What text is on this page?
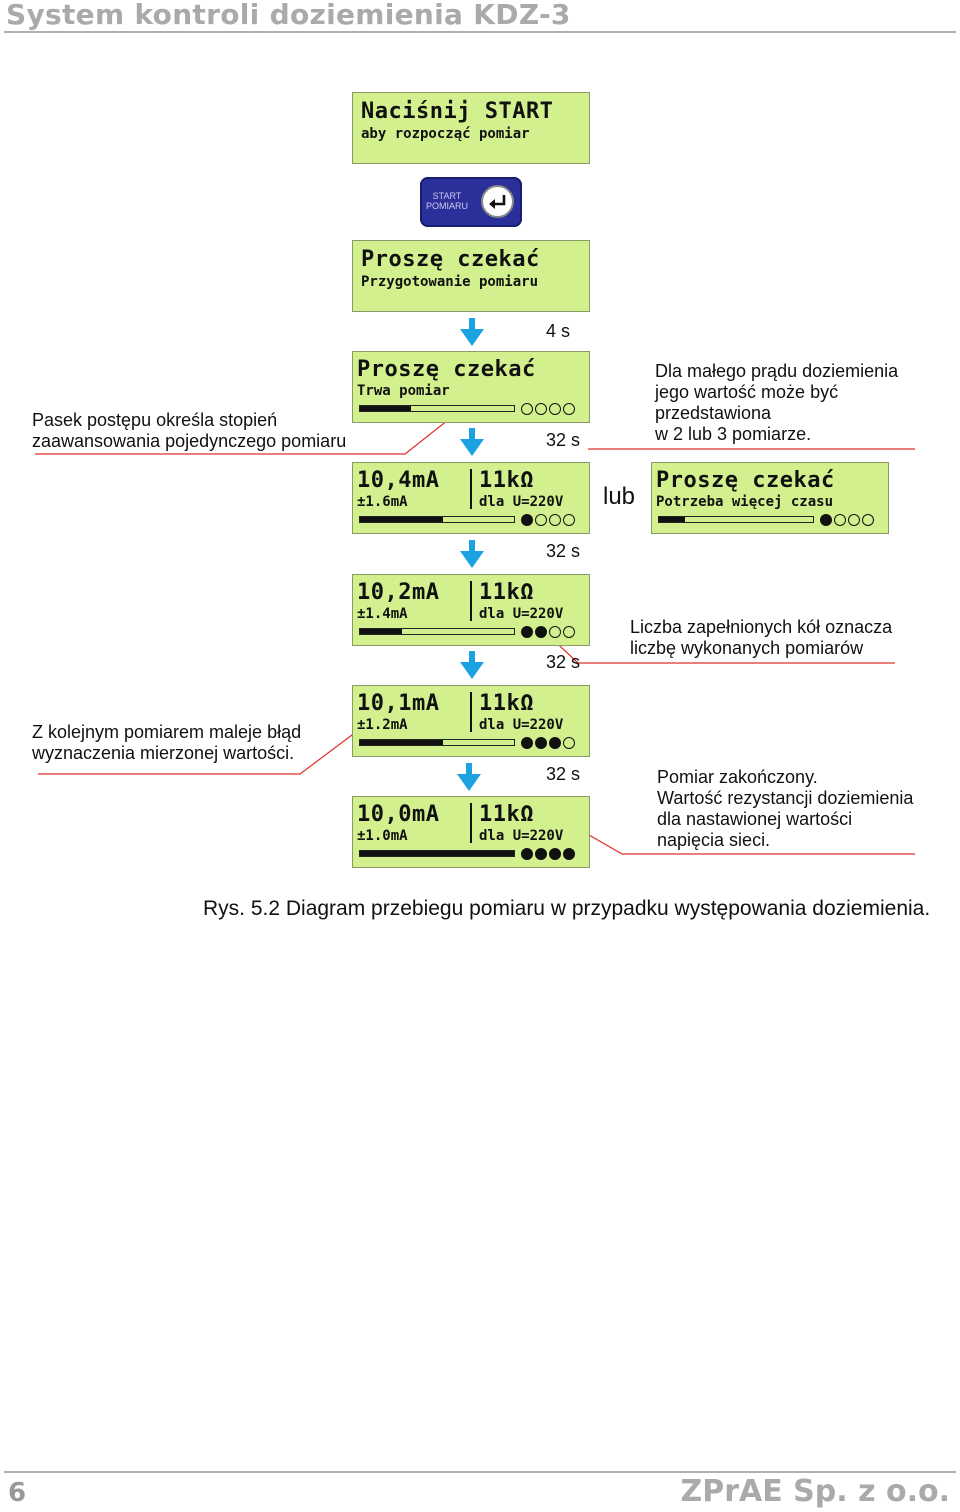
System kontroli doziemienia KDZ-3
Naciśnij START
aby rozpocząć pomiar
START
POMIARU
Proszę czekać
Przygotowanie pomiaru
4 s
Proszę czekać
Trwa pomiar
Pasek postępu określa stopień
zaawansowania pojedynczego pomiaru
Dla małego prądu doziemienia
jego wartość może być
przedstawiona
w 2 lub 3 pomiarze.
32 s
10,4mA
±1.6mA
11kΩ
dla U=220V lub
Proszę czekać
Potrzeba więcej czasu
32 s
10,2mA
±1.4mA
11kΩ
dla U=220V
Liczba zapełnionych kół oznacza
liczbę wykonanych pomiarów
32 s
10,1mA
±1.2mA
11kΩ
dla U=220V
Z kolejnym pomiarem maleje błąd
wyznaczenia mierzonej wartości.
32 s
10,0mA
±1.0mA
11kΩ
dla U=220V
Pomiar zakończony.
Wartość rezystancji doziemienia
dla nastawionej wartości
napięcia sieci.
Rys. 5.2 Diagram przebiegu pomiaru w przypadku występowania doziemienia.
6	ZPrAE Sp. z o.o.
